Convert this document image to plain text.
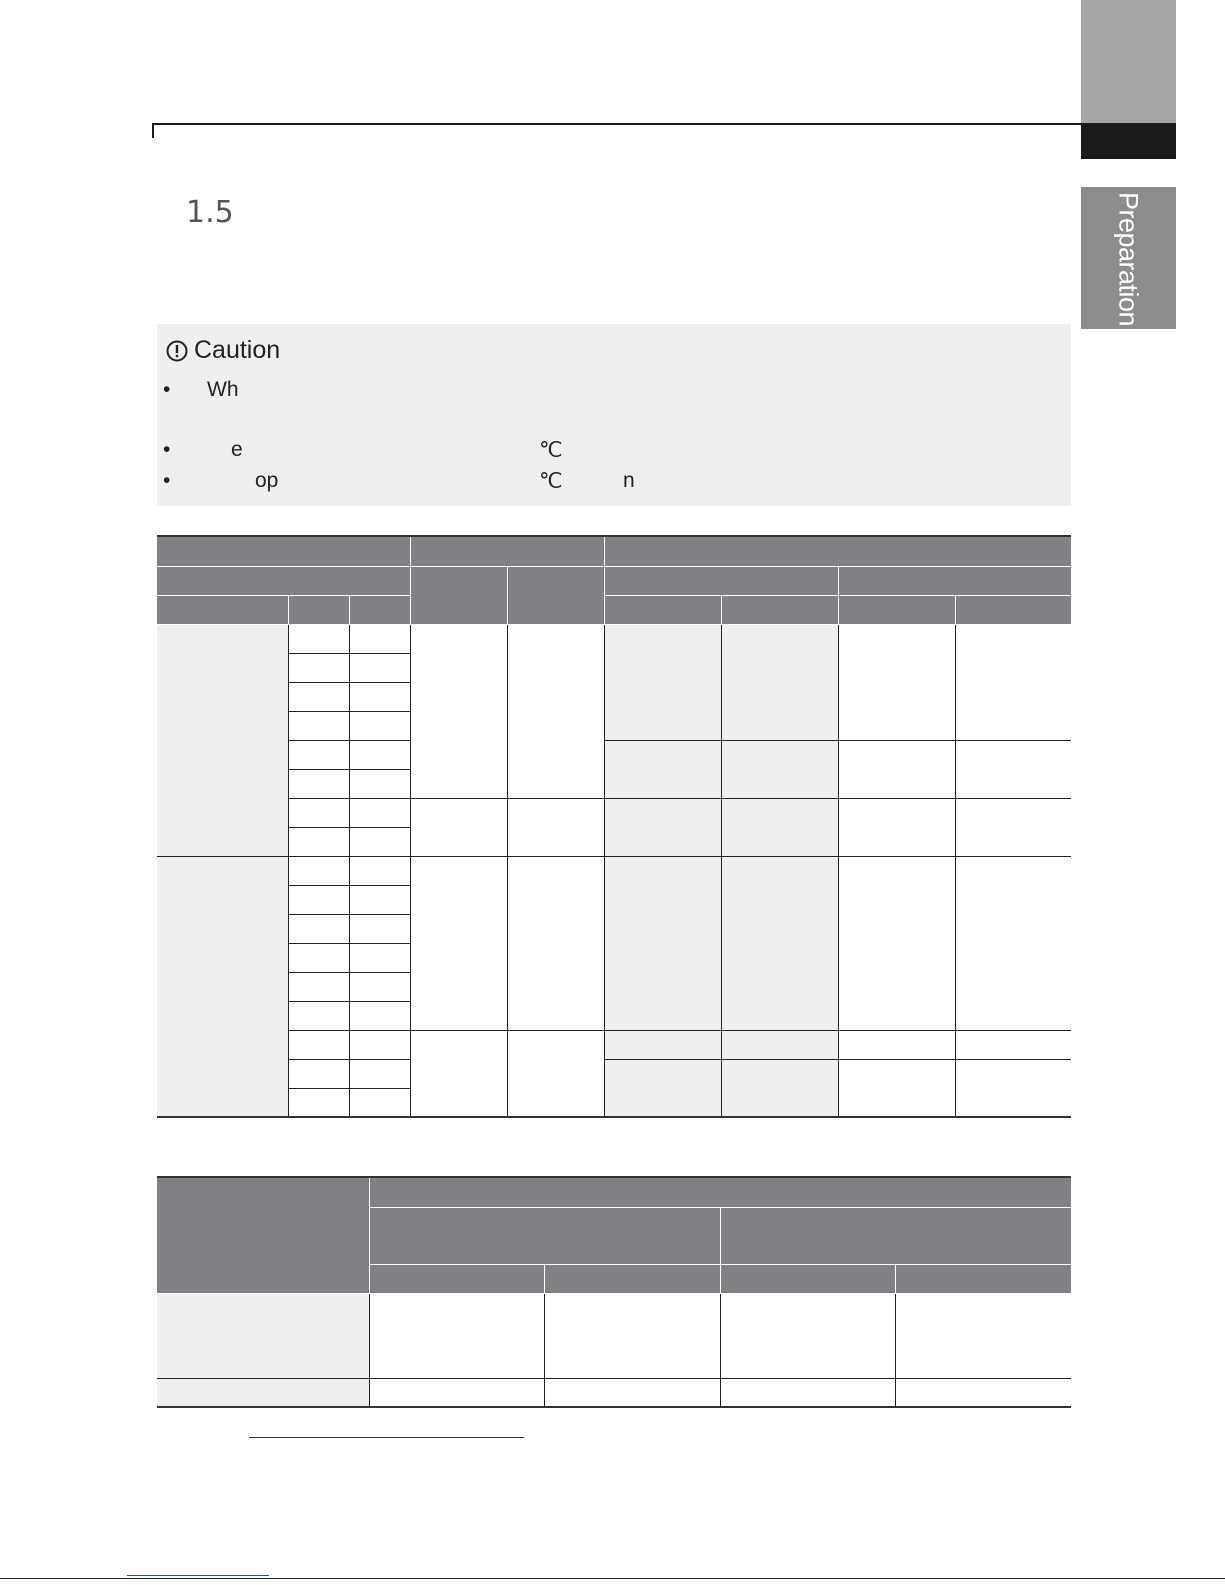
Preparation
1.5
Caution
• Wh
•	e	℃
•	op	℃	n
